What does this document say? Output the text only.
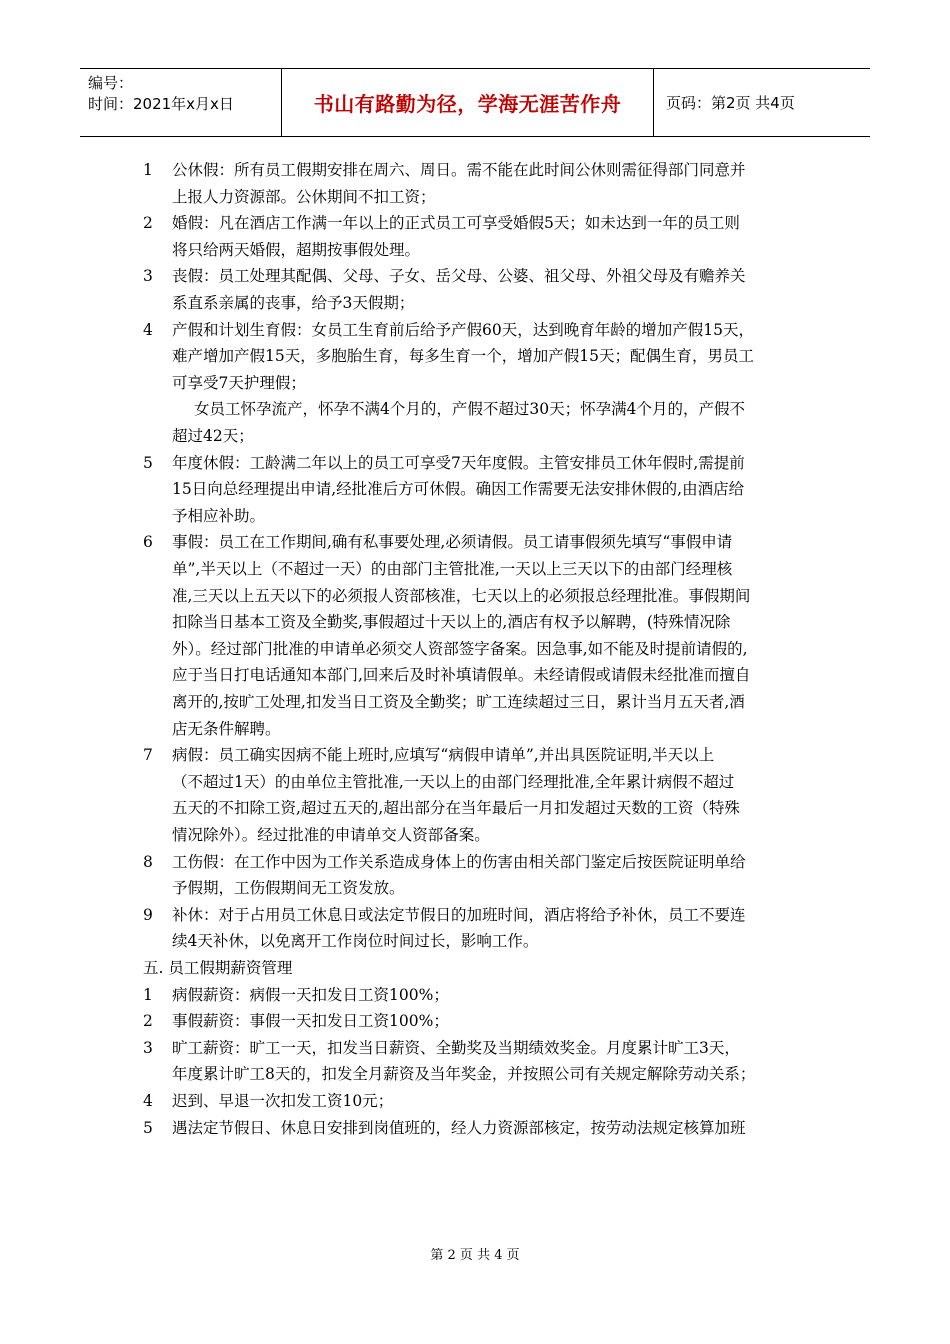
编号：
时间：2021年x月x日	书山有路勤为径，学海无涯苦作舟	页码：第2页 共4页
1 公休假：所有员工假期安排在周六、周日。需不能在此时间公休则需征得部门同意并
上报人力资源部。公休期间不扣工资；
2 婚假：凡在酒店工作满一年以上的正式员工可享受婚假5天；如未达到一年的员工则
将只给两天婚假，超期按事假处理。
3 丧假：员工处理其配偶、父母、子女、岳父母、公婆、祖父母、外祖父母及有赡养关
系直系亲属的丧事，给予3天假期；
4 产假和计划生育假：女员工生育前后给予产假60天，达到晚育年龄的增加产假15天，
难产增加产假15天，多胞胎生育，每多生育一个，增加产假15天；配偶生育，男员工
可享受7天护理假；
女员工怀孕流产，怀孕不满4个月的，产假不超过30天；怀孕满4个月的，产假不
超过42天；
5 年度休假：工龄满二年以上的员工可享受7天年度假。主管安排员工休年假时,需提前
15日向总经理提出申请,经批准后方可休假。确因工作需要无法安排休假的,由酒店给
予相应补助。
6 事假：员工在工作期间,确有私事要处理,必须请假。员工请事假须先填写“事假申请
单”,半天以上（不超过一天）的由部门主管批准,一天以上三天以下的由部门经理核
准,三天以上五天以下的必须报人资部核准，七天以上的必须报总经理批准。事假期间
扣除当日基本工资及全勤奖,事假超过十天以上的,酒店有权予以解聘，(特殊情况除
外）。经过部门批准的申请单必须交人资部签字备案。因急事,如不能及时提前请假的,
应于当日打电话通知本部门,回来后及时补填请假单。未经请假或请假未经批准而擅自
离开的,按旷工处理,扣发当日工资及全勤奖；旷工连续超过三日，累计当月五天者,酒
店无条件解聘。
7 病假：员工确实因病不能上班时,应填写“病假申请单”,并出具医院证明,半天以上
（不超过1天）的由单位主管批准,一天以上的由部门经理批准,全年累计病假不超过
五天的不扣除工资,超过五天的,超出部分在当年最后一月扣发超过天数的工资（特殊
情况除外）。经过批准的申请单交人资部备案。
8 工伤假：在工作中因为工作关系造成身体上的伤害由相关部门鉴定后按医院证明单给
予假期，工伤假期间无工资发放。
9 补休：对于占用员工休息日或法定节假日的加班时间，酒店将给予补休，员工不要连
续4天补休，以免离开工作岗位时间过长，影响工作。
五. 员工假期薪资管理
1 病假薪资：病假一天扣发日工资100%；
2 事假薪资：事假一天扣发日工资100%；
3 旷工薪资：旷工一天，扣发当日薪资、全勤奖及当期绩效奖金。月度累计旷工3天，
年度累计旷工8天的，扣发全月薪资及当年奖金，并按照公司有关规定解除劳动关系；
4 迟到、早退一次扣发工资10元；
5 遇法定节假日、休息日安排到岗值班的，经人力资源部核定，按劳动法规定核算加班
第 2 页 共 4 页
